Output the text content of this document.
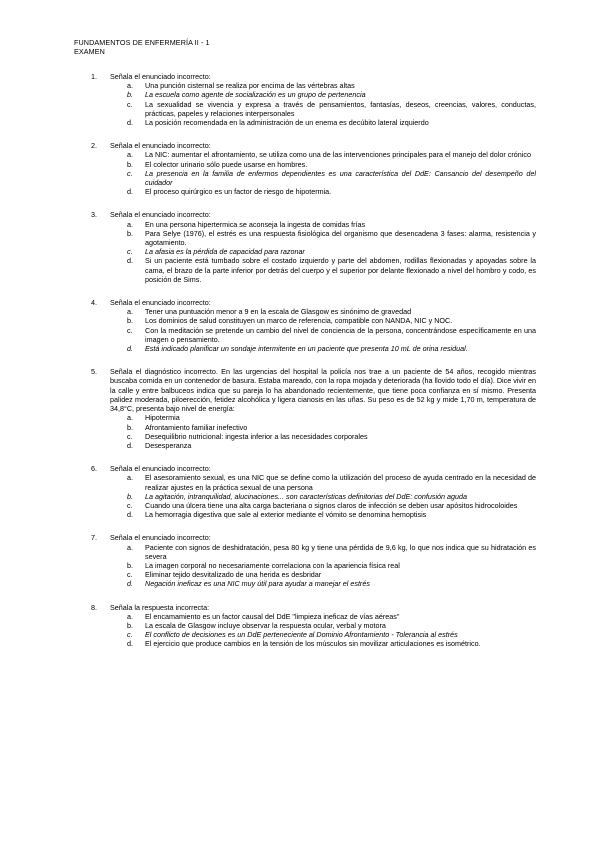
FUNDAMENTOS DE ENFERMERÍA II - 1
EXAMEN
1. Señala el enunciado incorrecto:
a. Una punción cisternal se realiza por encima de las vértebras altas
b. La escuela como agente de socialización es un grupo de pertenencia
c. La sexualidad se vivencia y expresa a través de pensamientos, fantasías, deseos, creencias, valores, conductas, prácticas, papeles y relaciones interpersonales
d. La posición recomendada en la administración de un enema es decúbito lateral izquierdo
2. Señala el enunciado incorrecto:
a. La NIC: aumentar el afrontamiento, se utiliza como una de las intervenciones principales para el manejo del dolor crónico
b. El colector urinario sólo puede usarse en hombres.
c. La presencia en la familia de enfermos dependientes es una característica del DdE: Cansancio del desempeño del cuidador
d. El proceso quirúrgico es un factor de riesgo de hipotermia.
3. Señala el enunciado incorrecto:
a. En una persona hipertermica se aconseja la ingesta de comidas frías
b. Para Selye (1976), el estrés es una respuesta fisiológica del organismo que desencadena 3 fases: alarma, resistencia y agotamiento.
c. La afasia es la pérdida de capacidad para razonar
d. Si un paciente está tumbado sobre el costado izquierdo y parte del abdomen, rodillas flexionadas y apoyadas sobre la cama, el brazo de la parte inferior por detrás del cuerpo y el superior por delante flexionado a nivel del hombro y codo, es posición de Sims.
4. Señala el enunciado incorrecto:
a. Tener una puntuación menor a 9 en la escala de Glasgow es sinónimo de gravedad
b. Los dominios de salud constituyen un marco de referencia, compatible con NANDA, NIC y NOC.
c. Con la meditación se pretende un cambio del nivel de conciencia de la persona, concentrándose específicamente en una imagen o pensamiento.
d. Está indicado planificar un sondaje intermitente en un paciente que presenta 10 mL de orina residual.
5. Señala el diagnóstico incorrecto. En las urgencias del hospital la policía nos trae a un paciente de 54 años, recogido mientras buscaba comida en un contenedor de basura. Estaba mareado, con la ropa mojada y deteriorada (ha llovido todo el día). Dice vivir en la calle y entre balbuceos indica que su pareja lo ha abandonado recientemente, que tiene poca confianza en sí mismo. Presenta palidez moderada, piloerección, fetidez alcohólica y ligera cianosis en las uñas. Su peso es de 52 kg y mide 1,70 m, temperatura de 34,8°C, presenta bajo nivel de energía:
a. Hipotermia
b. Afrontamiento familiar inefectivo
c. Desequilibrio nutricional: ingesta inferior a las necesidades corporales
d. Desesperanza
6. Señala el enunciado incorrecto:
a. El asesoramiento sexual, es una NIC que se define como la utilización del proceso de ayuda centrado en la necesidad de realizar ajustes en la práctica sexual de una persona
b. La agitación, intranquilidad, alucinaciones... son características definitorias del DdE: confusión aguda
c. Cuando una úlcera tiene una alta carga bacteriana o signos claros de infección se deben usar apósitos hidrocoloides
d. La hemorragia digestiva que sale al exterior mediante el vómito se denomina hemoptisis
7. Señala el enunciado incorrecto:
a. Paciente con signos de deshidratación, pesa 80 kg y tiene una pérdida de 9,6 kg, lo que nos indica que su hidratación es severa
b. La imagen corporal no necesariamente correlaciona con la apariencia física real
c. Eliminar tejido desvitalizado de una herida es desbridar
d. Negación ineficaz es una NIC muy útil para ayudar a manejar el estrés
8. Señala la respuesta incorrecta:
a. El encamamiento es un factor causal del DdE "limpieza ineficaz de vías aéreas"
b. La escala de Glasgow incluye observar la respuesta ocular, verbal y motora
c. El conflicto de decisiones es un DdE perteneciente al Dominio Afrontamiento - Tolerancia al estrés
d. El ejercicio que produce cambios en la tensión de los músculos sin movilizar articulaciones es isométrico.
